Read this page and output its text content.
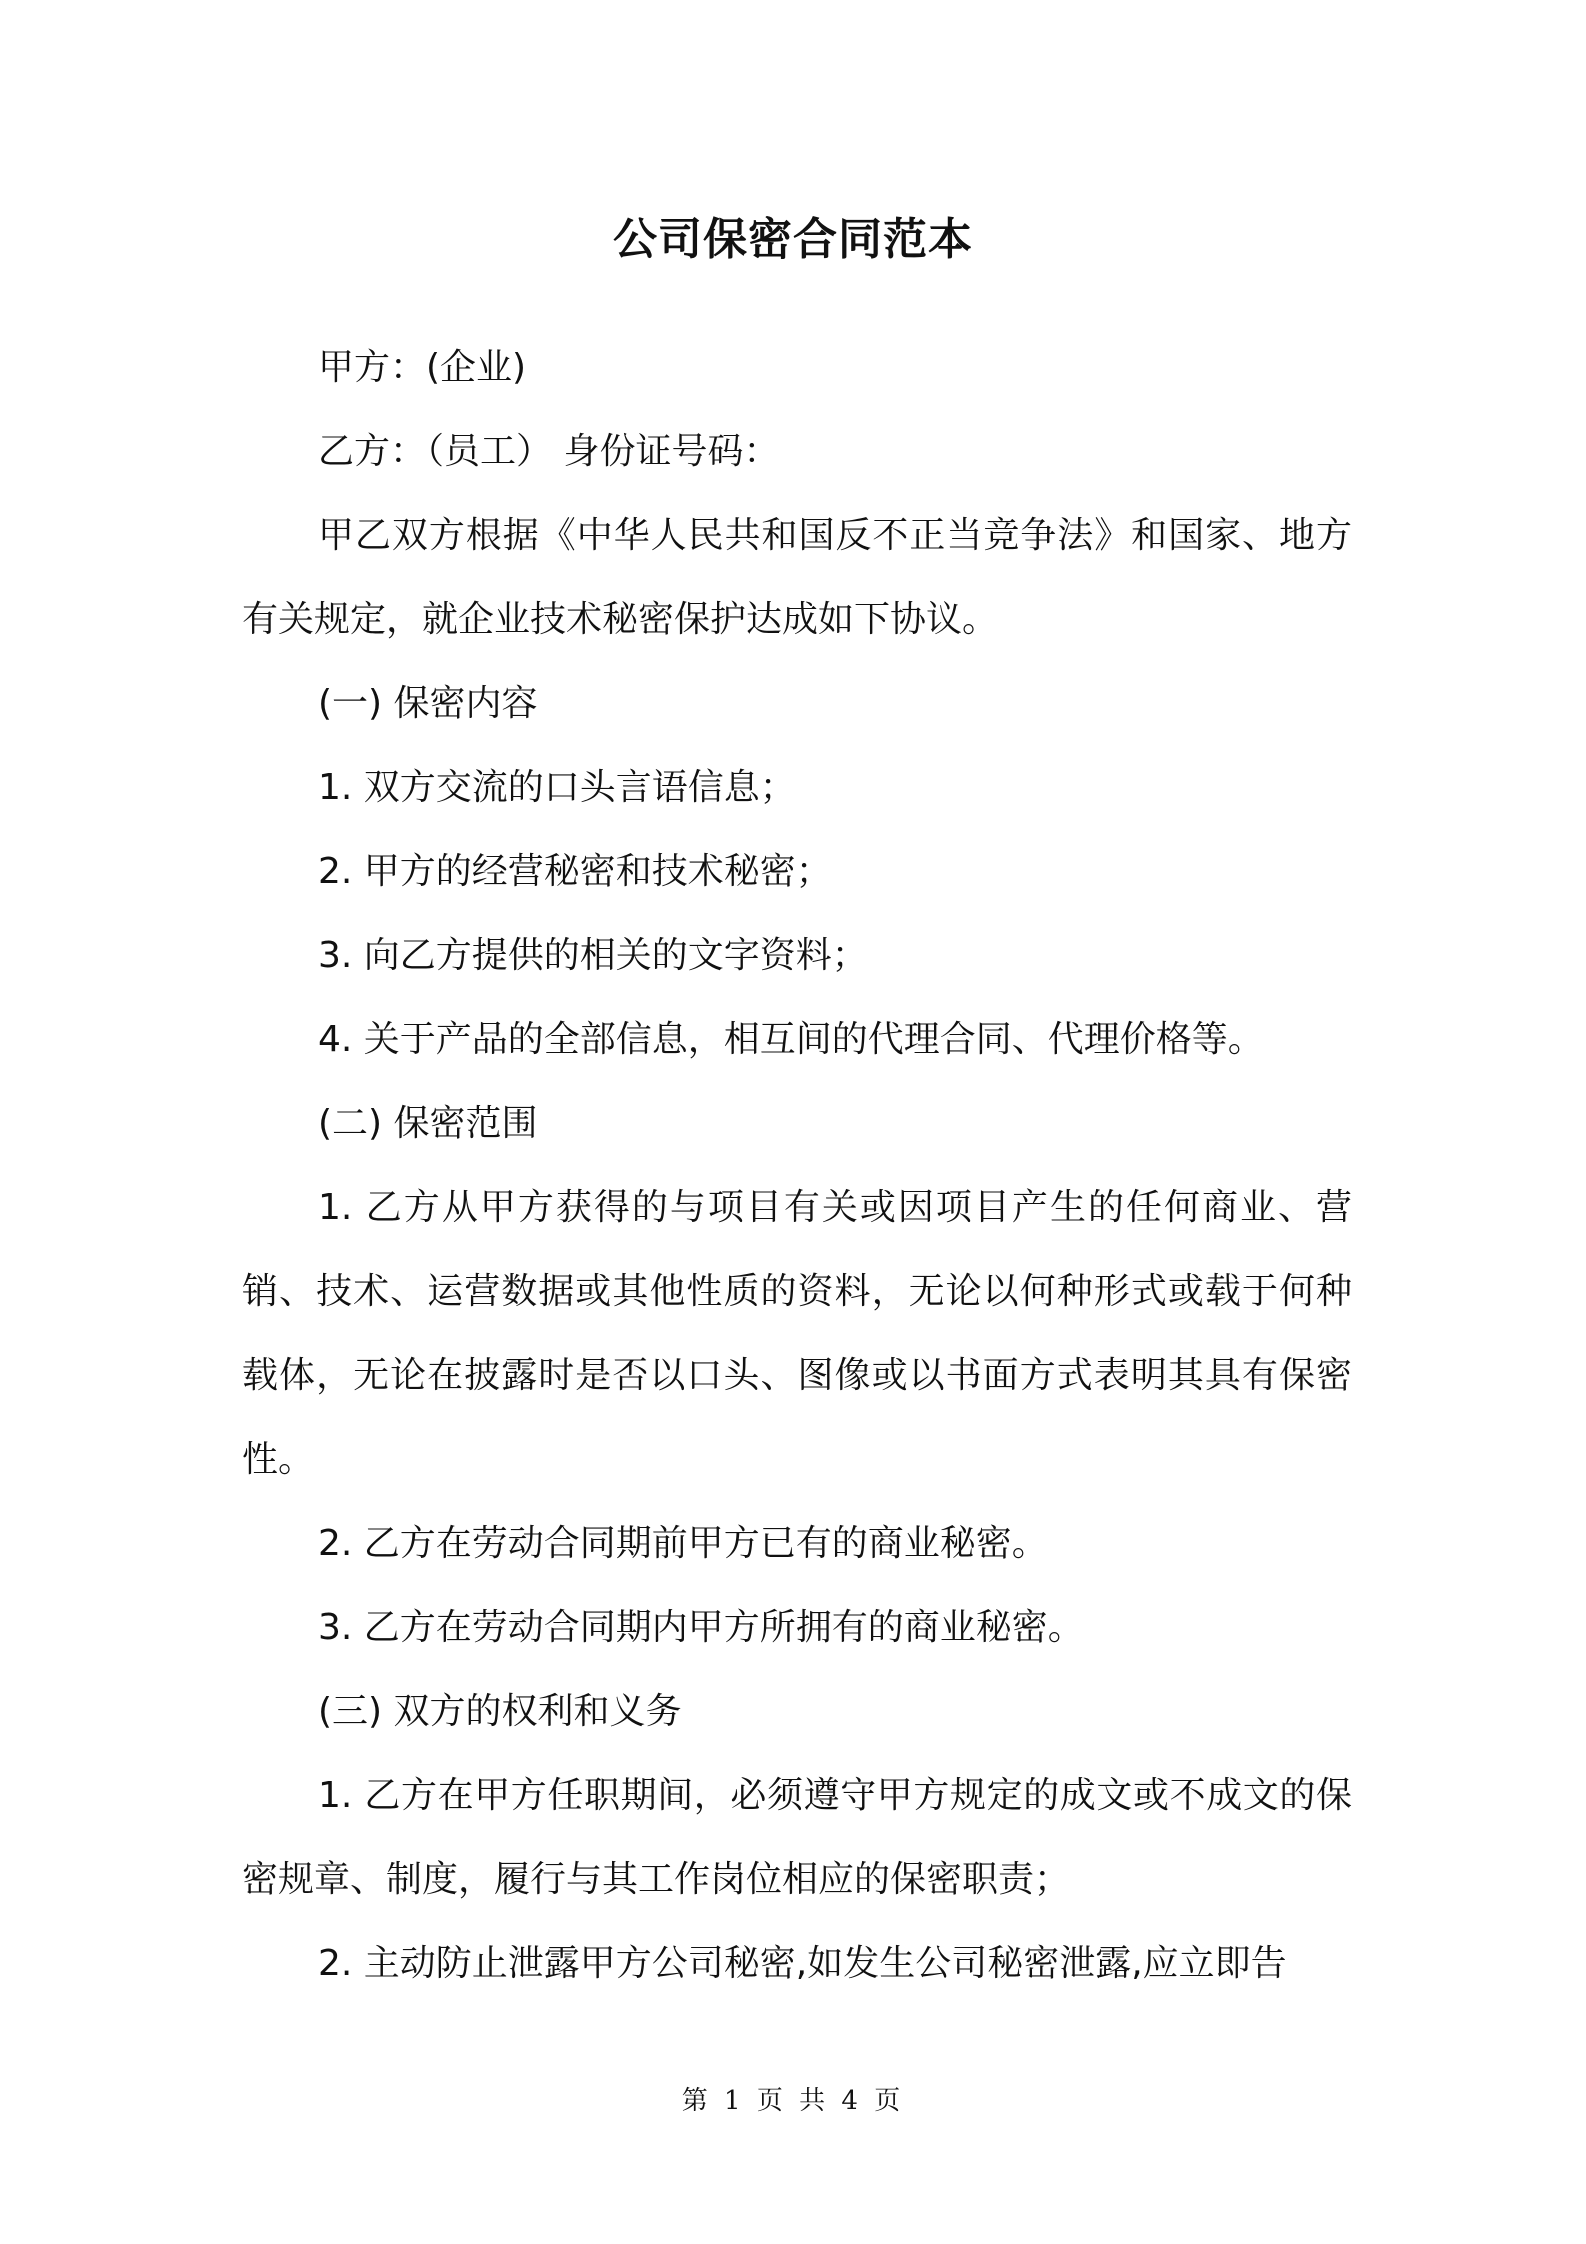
公司保密合同范本

甲方：(企业)

乙方：（员工） 身份证号码：

甲乙双方根据《中华人民共和国反不正当竞争法》和国家、地方有关规定，就企业技术秘密保护达成如下协议。

(一) 保密内容

1. 双方交流的口头言语信息；

2. 甲方的经营秘密和技术秘密；

3. 向乙方提供的相关的文字资料；

4. 关于产品的全部信息，相互间的代理合同、代理价格等。

(二) 保密范围

1. 乙方从甲方获得的与项目有关或因项目产生的任何商业、营销、技术、运营数据或其他性质的资料，无论以何种形式或载于何种载体，无论在披露时是否以口头、图像或以书面方式表明其具有保密性。

2. 乙方在劳动合同期前甲方已有的商业秘密。

3. 乙方在劳动合同期内甲方所拥有的商业秘密。

(三) 双方的权利和义务

1. 乙方在甲方任职期间，必须遵守甲方规定的成文或不成文的保密规章、制度，履行与其工作岗位相应的保密职责；

2. 主动防止泄露甲方公司秘密,如发生公司秘密泄露,应立即告

第 1 页 共 4 页
